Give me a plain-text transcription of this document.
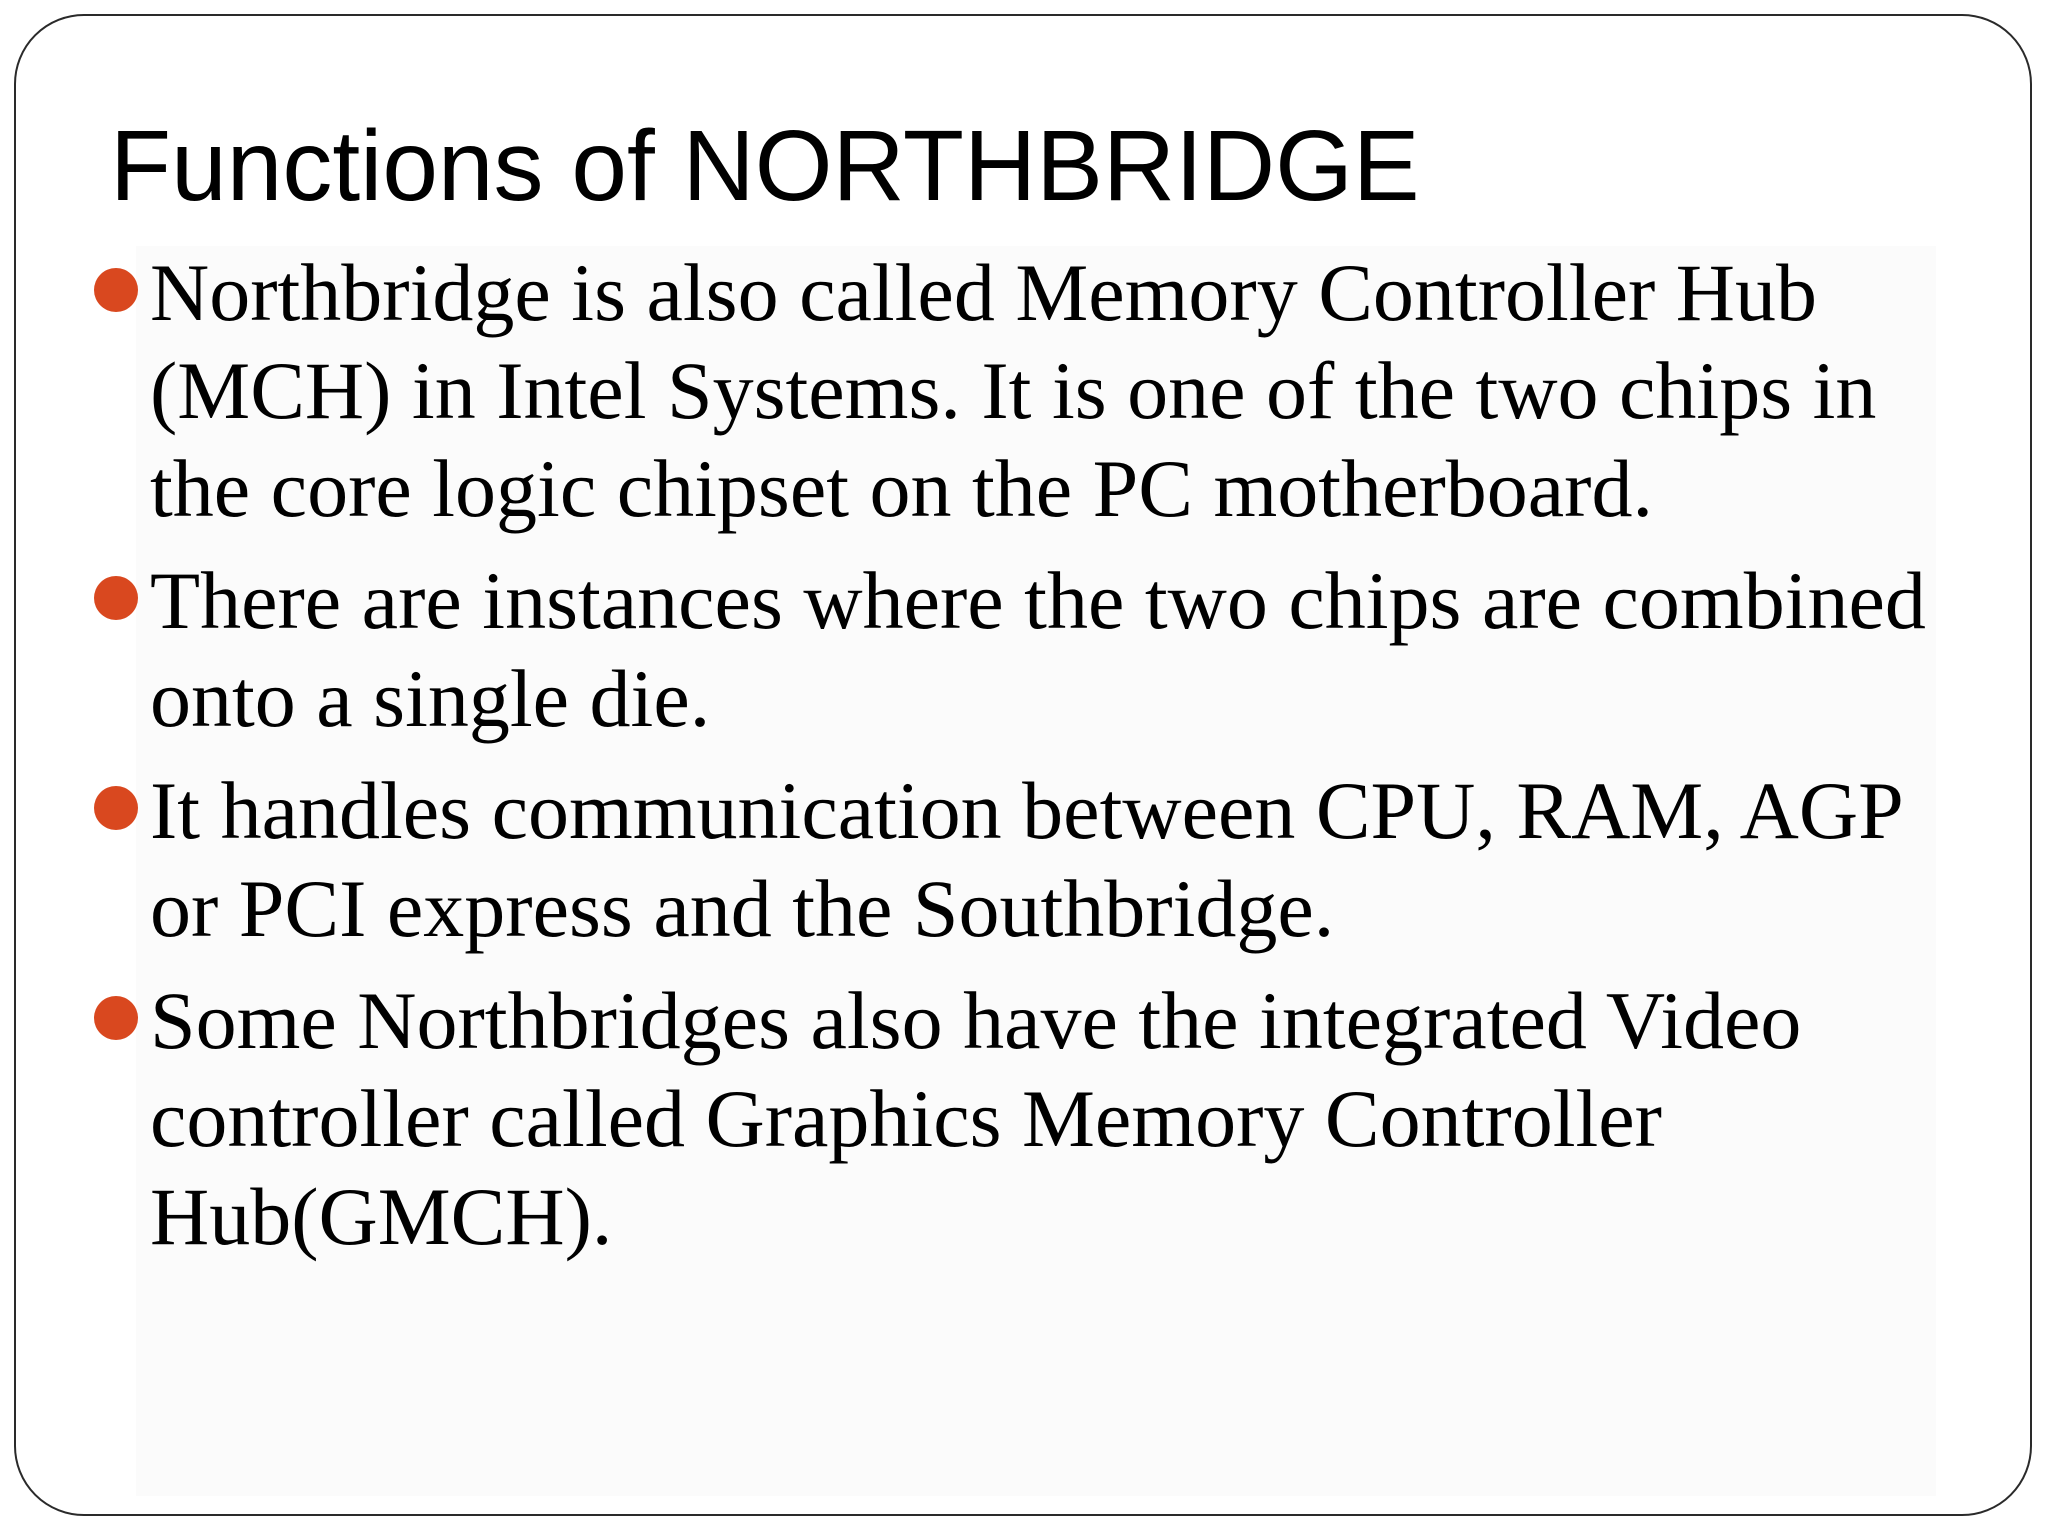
Functions of NORTHBRIDGE
Northbridge is also called Memory Controller Hub (MCH) in Intel Systems. It is one of the two chips in the core logic chipset on the PC motherboard.
There are instances where the two chips are combined onto a single die.
It handles communication between CPU, RAM, AGP or PCI express and the Southbridge.
Some Northbridges also have the integrated Video controller called Graphics Memory Controller Hub(GMCH).
